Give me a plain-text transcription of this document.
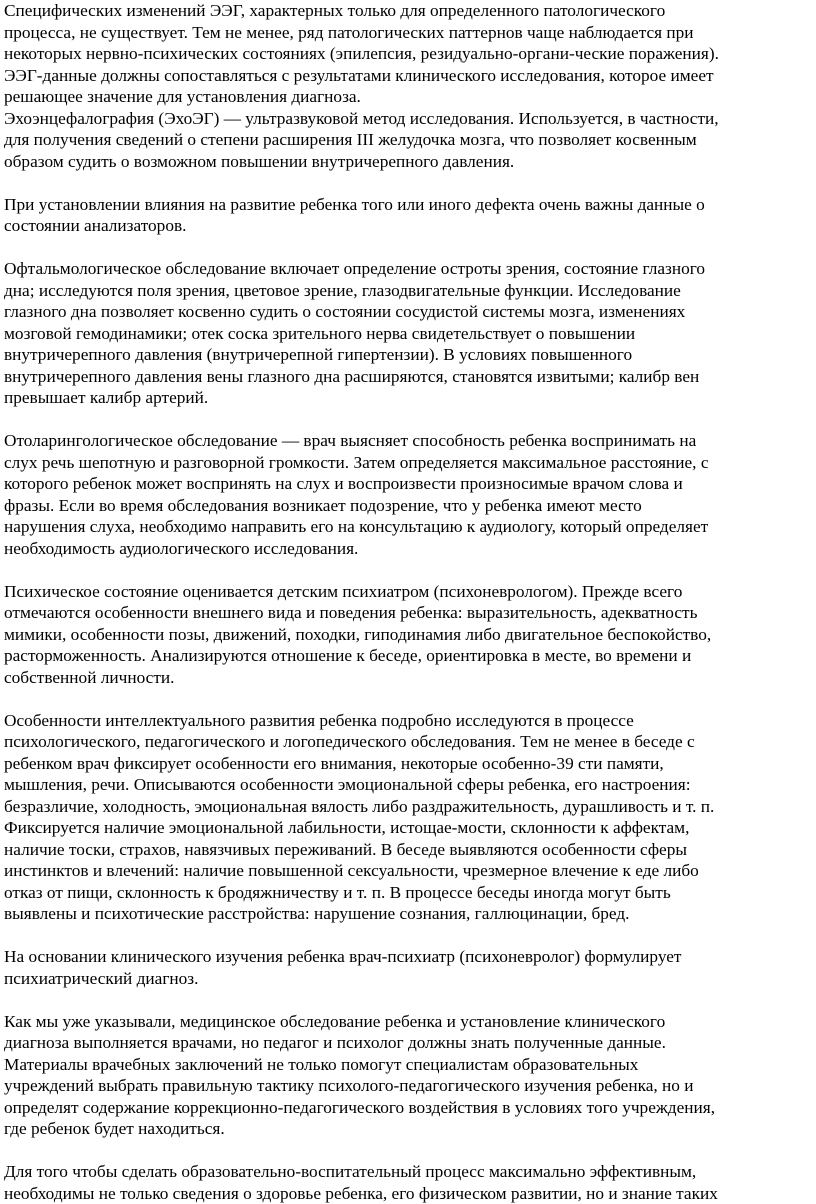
Специфических изменений ЭЭГ, характерных только для определенного патологического
процесса, не существует. Тем не менее, ряд патологических паттернов чаще наблюдается при
некоторых нервно-психических состояниях (эпилепсия, резидуально-органи-ческие поражения).
ЭЭГ-данные должны сопоставляться с результатами клинического исследования, которое имеет
решающее значение для установления диагноза.

Эхоэнцефалография (ЭхоЭГ) — ультразвуковой метод исследования. Используется, в частности,
для получения сведений о степени расширения III желудочка мозга, что позволяет косвенным
образом судить о возможном повышении внутричерепного давления.

При установлении влияния на развитие ребенка того или иного дефекта очень важны данные о
состоянии анализаторов.

Офтальмологическое обследование включает определение остроты зрения, состояние глазного
дна; исследуются поля зрения, цветовое зрение, глазодвигательные функции. Исследование
глазного дна позволяет косвенно судить о состоянии сосудистой системы мозга, изменениях
мозговой гемодинамики; отек соска зрительного нерва свидетельствует о повышении
внутричерепного давления (внутричерепной гипертензии). В условиях повышенного
внутричерепного давления вены глазного дна расширяются, становятся извитыми; калибр вен
превышает калибр артерий.

Отоларингологическое обследование — врач выясняет способность ребенка воспринимать на
слух речь шепотную и разговорной громкости. Затем определяется максимальное расстояние, с
которого ребенок может воспринять на слух и воспроизвести произносимые врачом слова и
фразы. Если во время обследования возникает подозрение, что у ребенка имеют место
нарушения слуха, необходимо направить его на консультацию к аудиологу, который определяет
необходимость аудиологического исследования.

Психическое состояние оценивается детским психиатром (психоневрологом). Прежде всего
отмечаются особенности внешнего вида и поведения ребенка: выразительность, адекватность
мимики, особенности позы, движений, походки, гиподинамия либо двигательное беспокойство,
расторможенность. Анализируются отношение к беседе, ориентировка в месте, во времени и
собственной личности.

Особенности интеллектуального развития ребенка подробно исследуются в процессе
психологического, педагогического и логопедического обследования. Тем не менее в беседе с
ребенком врач фиксирует особенности его внимания, некоторые особенно-39 сти памяти,
мышления, речи. Описываются особенности эмоциональной сферы ребенка, его настроения:
безразличие, холодность, эмоциональная вялость либо раздражительность, дурашливость и т. п.
Фиксируется наличие эмоциональной лабильности, истощае-мости, склонности к аффектам,
наличие тоски, страхов, навязчивых переживаний. В беседе выявляются особенности сферы
инстинктов и влечений: наличие повышенной сексуальности, чрезмерное влечение к еде либо
отказ от пищи, склонность к бродяжничеству и т. п. В процессе беседы иногда могут быть
выявлены и психотические расстройства: нарушение сознания, галлюцинации, бред.

На основании клинического изучения ребенка врач-психиатр (психоневролог) формулирует
психиатрический диагноз.

Как мы уже указывали, медицинское обследование ребенка и установление клинического
диагноза выполняется врачами, но педагог и психолог должны знать полученные данные.
Материалы врачебных заключений не только помогут специалистам образовательных
учреждений выбрать правильную тактику психолого-педагогического изучения ребенка, но и
определят содержание коррекционно-педагогического воздействия в условиях того учреждения,
где ребенок будет находиться.

Для того чтобы сделать образовательно-воспитательный процесс максимально эффективным,
необходимы не только сведения о здоровье ребенка, его физическом развитии, но и знание таких
